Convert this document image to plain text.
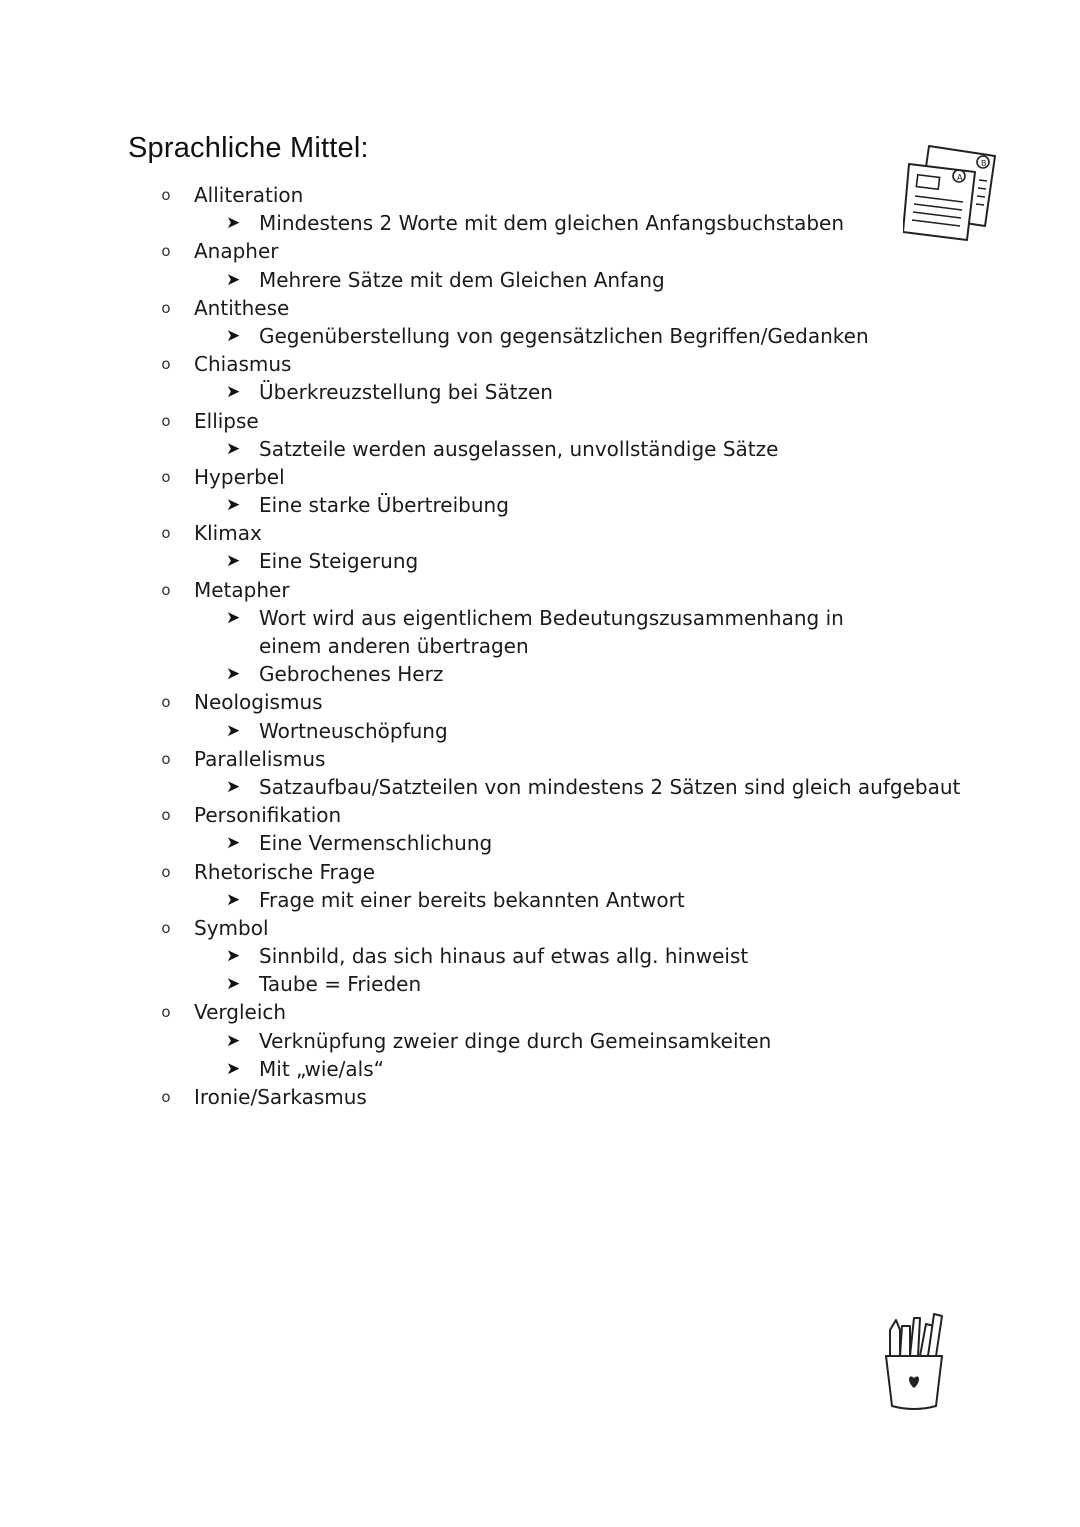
Sprachliche Mittel:
o Alliteration
➤ Mindestens 2 Worte mit dem gleichen Anfangsbuchstaben
o Anapher
➤ Mehrere Sätze mit dem Gleichen Anfang
o Antithese
➤ Gegenüberstellung von gegensätzlichen Begriffen/Gedanken
o Chiasmus
➤ Überkreuzstellung bei Sätzen
o Ellipse
➤ Satzteile werden ausgelassen, unvollständige Sätze
o Hyperbel
➤ Eine starke Übertreibung
o Klimax
➤ Eine Steigerung
o Metapher
➤ Wort wird aus eigentlichem Bedeutungszusammenhang in einem anderen übertragen
➤ Gebrochenes Herz
o Neologismus
➤ Wortneuschöpfung
o Parallelismus
➤ Satzaufbau/Satzteilen von mindestens 2 Sätzen sind gleich aufgebaut
o Personifikation
➤ Eine Vermenschlichung
o Rhetorische Frage
➤ Frage mit einer bereits bekannten Antwort
o Symbol
➤ Sinnbild, das sich hinaus auf etwas allg. hinweist
➤ Taube = Frieden
o Vergleich
➤ Verknüpfung zweier dinge durch Gemeinsamkeiten
➤ Mit „wie/als“
o Ironie/Sarkasmus
A
B
